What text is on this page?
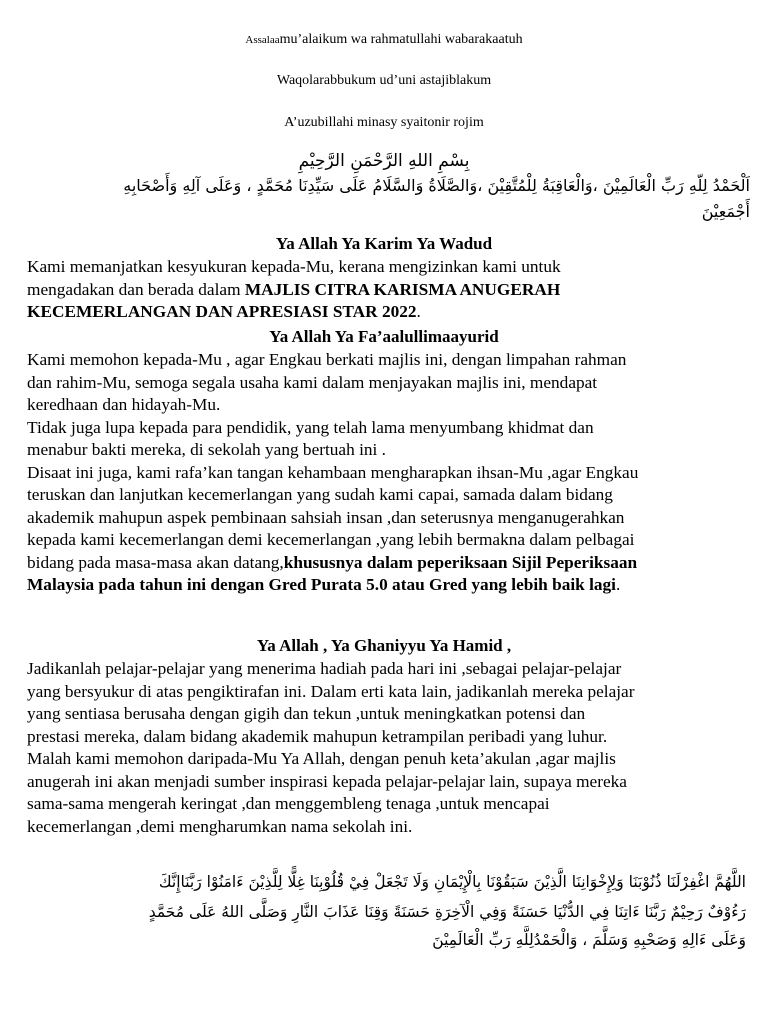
Assalaamu’alaikum wa rahmatullahi wabarakaatuh
Waqolarabbukum ud’uni astajiblakum
A’uzubillahi minasy syaitonir rojim
بِسْمِ اللهِ الرَّحْمَنِ الرَّحِيْمِ
اَلْحَمْدُ لِلّهِ رَبِّ الْعَالَمِيْنَ ،وَالْعَاقِبَةُ لِلْمُتَّقِيْنَ ،وَالصَّلَاةُ وَالسَّلَامُ عَلَى سَيِّدِنَا مُحَمَّدٍ ، وَعَلَى آلِهِ وَأَصْحَابِهِ
أَجْمَعِيْنَ
Ya Allah Ya Karim Ya Wadud
Kami memanjatkan kesyukuran kepada-Mu, kerana mengizinkan kami untuk
mengadakan dan berada dalam MAJLIS CITRA KARISMA ANUGERAH
KECEMERLANGAN DAN APRESIASI STAR 2022.
Ya Allah Ya Fa’aalullimaayurid
Kami memohon kepada-Mu , agar Engkau berkati majlis ini, dengan limpahan rahman
dan rahim-Mu, semoga segala usaha kami dalam menjayakan majlis ini, mendapat
keredhaan dan hidayah-Mu.
Tidak juga lupa kepada para pendidik, yang telah lama menyumbang khidmat dan
menabur bakti mereka, di sekolah yang bertuah ini .
Disaat ini juga, kami rafa’kan tangan kehambaan mengharapkan ihsan-Mu ,agar Engkau
teruskan dan lanjutkan kecemerlangan yang sudah kami capai, samada dalam bidang
akademik mahupun aspek pembinaan sahsiah insan ,dan seterusnya menganugerahkan
kepada kami kecemerlangan demi kecemerlangan ,yang lebih bermakna dalam pelbagai
bidang pada masa-masa akan datang,khususnya dalam peperiksaan Sijil Peperiksaan
Malaysia pada tahun ini dengan Gred Purata 5.0 atau Gred yang lebih baik lagi.
Ya Allah , Ya Ghaniyyu Ya Hamid ,
Jadikanlah pelajar-pelajar yang menerima hadiah pada hari ini ,sebagai pelajar-pelajar
yang bersyukur di atas pengiktirafan ini. Dalam erti kata lain, jadikanlah mereka pelajar
yang sentiasa berusaha dengan gigih dan tekun ,untuk meningkatkan potensi dan
prestasi mereka, dalam bidang akademik mahupun ketrampilan peribadi yang luhur.
Malah kami memohon daripada-Mu Ya Allah, dengan penuh keta’akulan ,agar majlis
anugerah ini akan menjadi sumber inspirasi kepada pelajar-pelajar lain, supaya mereka
sama-sama mengerah keringat ,dan menggembleng tenaga ,untuk mencapai
kecemerlangan ,demi mengharumkan nama sekolah ini.
اللَّهُمَّ اغْفِرْلَنَا ذُنُوْبَنَا وَلِإِخْوَانِنَا الَّذِيْنَ سَبَقُوْنَا بِالْإِيْمَانِ وَلَا تَجْعَلْ فِيْ قُلُوْبِنَا غِلًّا لِلَّذِيْنَ ءَامَنُوْا رَبَّنَاإِنَّكَ
رَءُوْفٌ رَحِيْمٌ رَبَّنَا ءَاتِنَا فِي الدُّنْيَا حَسَنَةً وَفِي الْآخِرَةِ حَسَنَةً وَقِنَا عَذَابَ النَّارِ وَصَلَّى اللهُ عَلَى مُحَمَّدٍ
وَعَلَى ءَالِهِ وَصَحْبِهِ وَسَلَّمَ ، وَالْحَمْدُلِلَّهِ رَبِّ الْعَالَمِيْنَ
